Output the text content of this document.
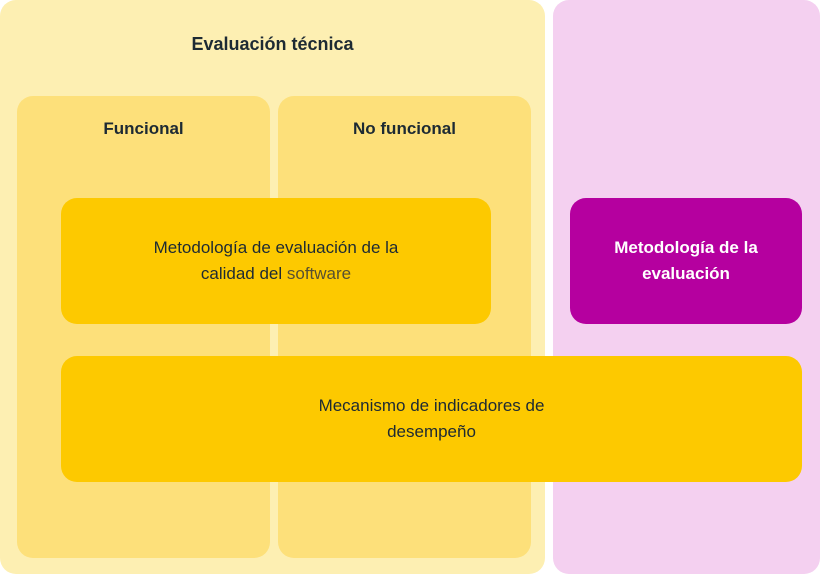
Evaluación técnica
Funcional	No funcional
Metodología de evaluación de la calidad del software
Metodología de la evaluación
Mecanismo de indicadores de desempeño
